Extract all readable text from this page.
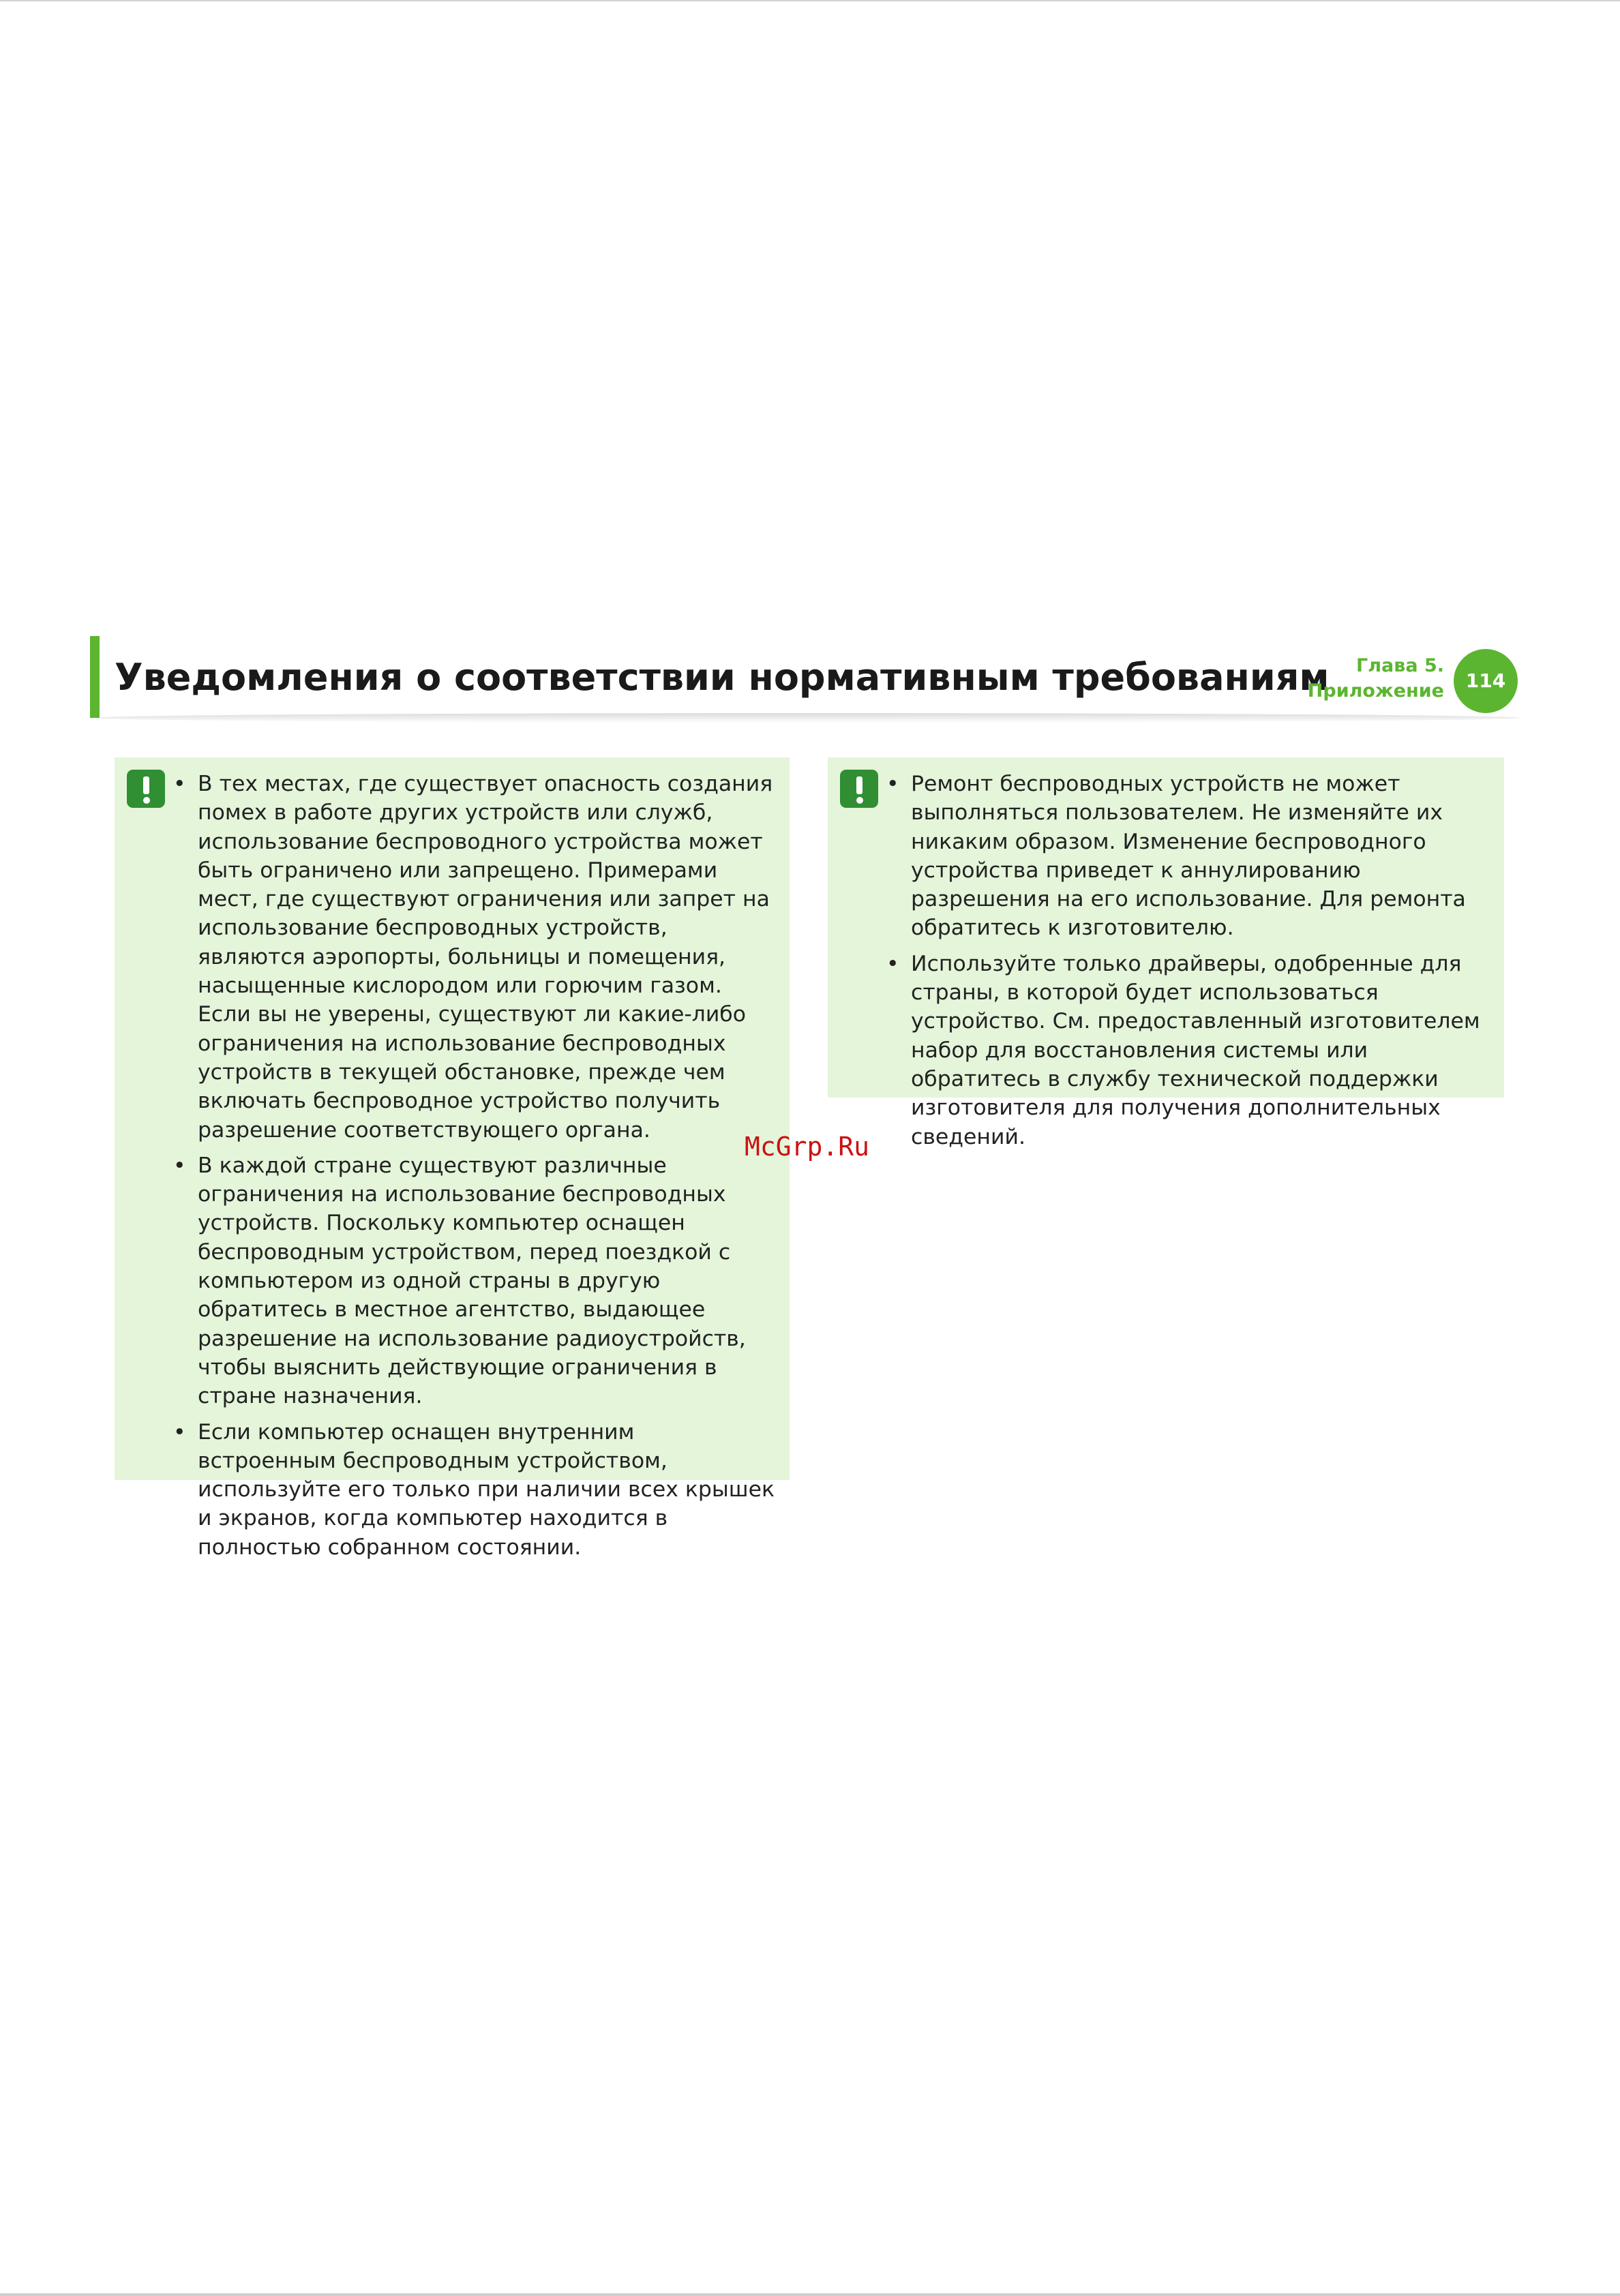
Уведомления о соответствии нормативным требованиям	Глава 5.
Приложение	114
• В тех местах, где существует опасность создания помех в работе других устройств или служб, использование беспроводного устройства может быть ограничено или запрещено. Примерами мест, где существуют ограничения или запрет на использование беспроводных устройств, являются аэропорты, больницы и помещения, насыщенные кислородом или горючим газом. Если вы не уверены, существуют ли какие-либо ограничения на использование беспроводных устройств в текущей обстановке, прежде чем включать беспроводное устройство получить разрешение соответствующего органа.
• В каждой стране существуют различные ограничения на использование беспроводных устройств. Поскольку компьютер оснащен беспроводным устройством, перед поездкой с компьютером из одной страны в другую обратитесь в местное агентство, выдающее разрешение на использование радиоустройств, чтобы выяснить действующие ограничения в стране назначения.
• Если компьютер оснащен внутренним встроенным беспроводным устройством, используйте его только при наличии всех крышек и экранов, когда компьютер находится в полностью собранном состоянии.
• Ремонт беспроводных устройств не может выполняться пользователем. Не изменяйте их никаким образом. Изменение беспроводного устройства приведет к аннулированию разрешения на его использование. Для ремонта обратитесь к изготовителю.
• Используйте только драйверы, одобренные для страны, в которой будет использоваться устройство. См. предоставленный изготовителем набор для восстановления системы или обратитесь в службу технической поддержки изготовителя для получения дополнительных сведений.
McGrp.Ru
